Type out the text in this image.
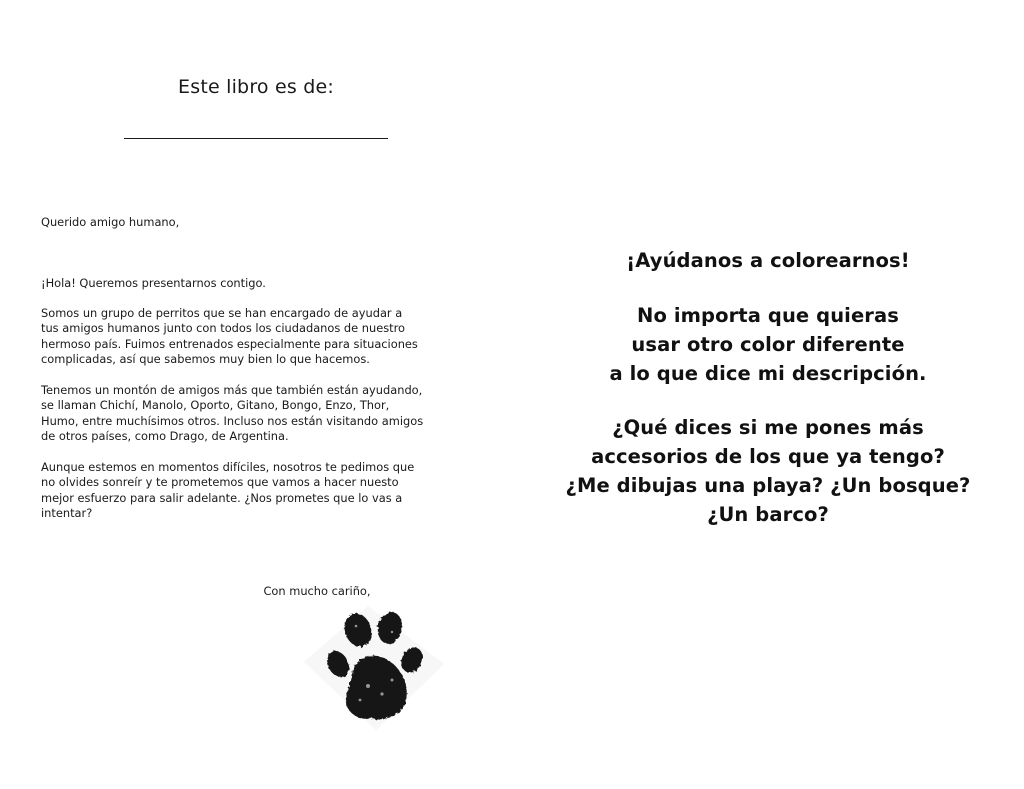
Este libro es de:

Querido amigo humano,

¡Hola! Queremos presentarnos contigo.

Somos un grupo de perritos que se han encargado de ayudar a
tus amigos humanos junto con todos los ciudadanos de nuestro
hermoso país. Fuimos entrenados especialmente para situaciones
complicadas, así que sabemos muy bien lo que hacemos.

Tenemos un montón de amigos más que también están ayudando,
se llaman Chichí, Manolo, Oporto, Gitano, Bongo, Enzo, Thor,
Humo, entre muchísimos otros. Incluso nos están visitando amigos
de otros países, como Drago, de Argentina.

Aunque estemos en momentos difíciles, nosotros te pedimos que
no olvides sonreír y te prometemos que vamos a hacer nuesto
mejor esfuerzo para salir adelante. ¿Nos prometes que lo vas a
intentar?

Con mucho cariño,

¡Ayúdanos a colorearnos!

No importa que quieras
usar otro color diferente
a lo que dice mi descripción.

¿Qué dices si me pones más
accesorios de los que ya tengo?
¿Me dibujas una playa? ¿Un bosque?
¿Un barco?
